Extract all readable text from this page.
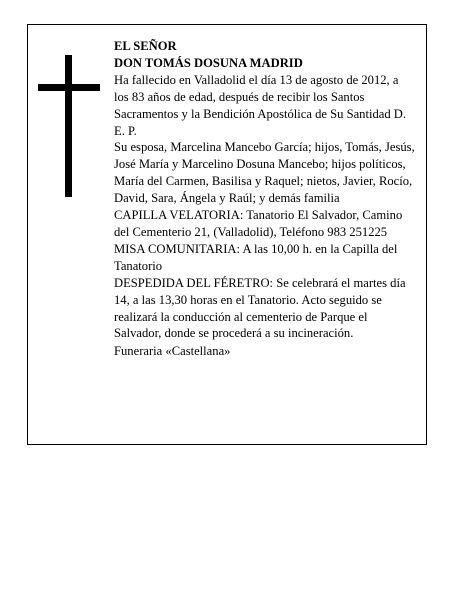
EL SEÑOR

DON TOMÁS DOSUNA MADRID

Ha fallecido en Valladolid el día 13 de agosto de 2012, a los 83 años de edad, después de recibir los Santos Sacramentos y la Bendición Apostólica de Su Santidad D. E. P.

Su esposa, Marcelina Mancebo García; hijos, Tomás, Jesús, José María y Marcelino Dosuna Mancebo; hijos políticos, María del Carmen, Basilisa y Raquel; nietos, Javier, Rocío, David, Sara, Ángela y Raúl; y demás familia

CAPILLA VELATORIA: Tanatorio El Salvador, Camino del Cementerio 21, (Valladolid), Teléfono 983 251225

MISA COMUNITARIA: A las 10,00 h. en la Capilla del Tanatorio

DESPEDIDA DEL FÉRETRO: Se celebrará el martes día 14, a las 13,30 horas en el Tanatorio. Acto seguido se realizará la conducción al cementerio de Parque el Salvador, donde se procederá a su incineración.

Funeraria «Castellana»
